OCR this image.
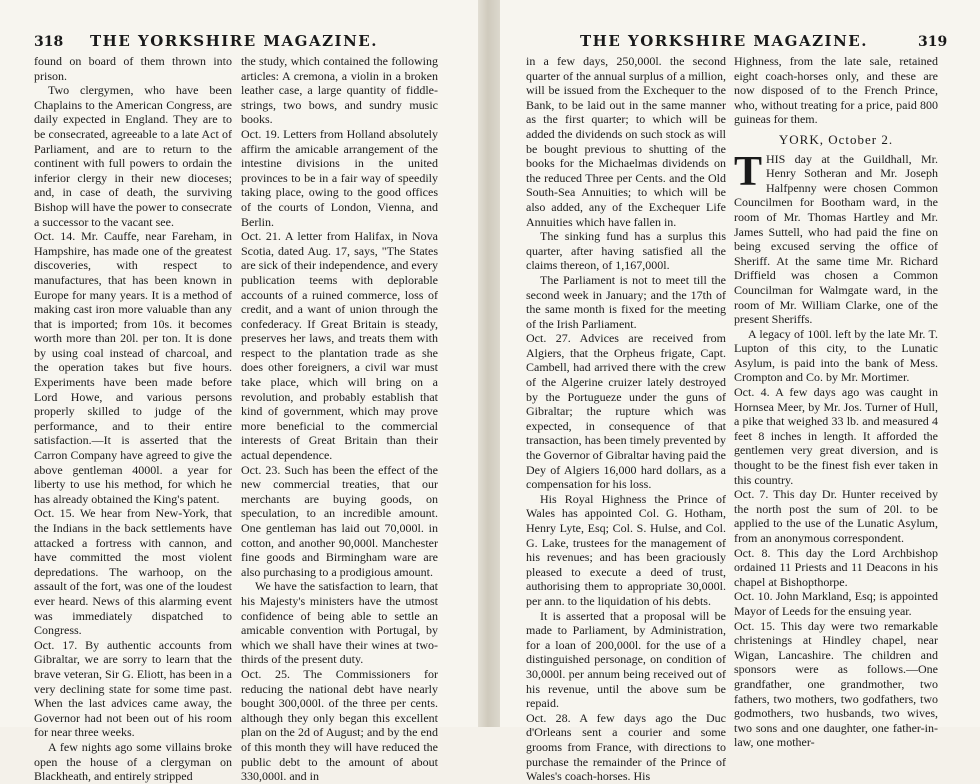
318 THE YORKSHIRE MAGAZINE.

found on board of them thrown into prison.

Two clergymen, who have been Chaplains to the American Congress, are daily expected in England. They are to be consecrated, agreeable to a late Act of Parliament, and are to return to the continent with full powers to ordain the inferior clergy in their new dioceses; and, in case of death, the surviving Bishop will have the power to consecrate a successor to the vacant see.

Oct. 14. Mr. Cauffe, near Fareham, in Hampshire, has made one of the greatest discoveries, with respect to manufactures, that has been known in Europe for many years. It is a method of making cast iron more valuable than any that is imported; from 10s. it becomes worth more than 20l. per ton. It is done by using coal instead of charcoal, and the operation takes but five hours. Experiments have been made before Lord Howe, and various persons properly skilled to judge of the performance, and to their entire satisfaction.—It is asserted that the Carron Company have agreed to give the above gentleman 4000l. a year for liberty to use his method, for which he has already obtained the King's patent.

Oct. 15. We hear from New-York, that the Indians in the back settlements have attacked a fortress with cannon, and have committed the most violent depredations. The warhoop, on the assault of the fort, was one of the loudest ever heard. News of this alarming event was immediately dispatched to Congress.

Oct. 17. By authentic accounts from Gibraltar, we are sorry to learn that the brave veteran, Sir G. Eliott, has been in a very declining state for some time past. When the last advices came away, the Governor had not been out of his room for near three weeks.

A few nights ago some villains broke open the house of a clergyman on Blackheath, and entirely stripped

the study, which contained the following articles: A cremona, a violin in a broken leather case, a large quantity of fiddle-strings, two bows, and sundry music books.

Oct. 19. Letters from Holland absolutely affirm the amicable arrangement of the intestine divisions in the united provinces to be in a fair way of speedily taking place, owing to the good offices of the courts of London, Vienna, and Berlin.

Oct. 21. A letter from Halifax, in Nova Scotia, dated Aug. 17, says, "The States are sick of their independence, and every publication teems with deplorable accounts of a ruined commerce, loss of credit, and a want of union through the confederacy. If Great Britain is steady, preserves her laws, and treats them with respect to the plantation trade as she does other foreigners, a civil war must take place, which will bring on a revolution, and probably establish that kind of government, which may prove more beneficial to the commercial interests of Great Britain than their actual dependence.

Oct. 23. Such has been the effect of the new commercial treaties, that our merchants are buying goods, on speculation, to an incredible amount. One gentleman has laid out 70,000l. in cotton, and another 90,000l. Manchester fine goods and Birmingham ware are also purchasing to a prodigious amount.

We have the satisfaction to learn, that his Majesty's ministers have the utmost confidence of being able to settle an amicable convention with Portugal, by which we shall have their wines at two-thirds of the present duty.

Oct. 25. The Commissioners for reducing the national debt have nearly bought 300,000l. of the three per cents. although they only began this excellent plan on the 2d of August; and by the end of this month they will have reduced the public debt to the amount of about 330,000l. and in

THE YORKSHIRE MAGAZINE.	319

in a few days, 250,000l. the second quarter of the annual surplus of a million, will be issued from the Exchequer to the Bank, to be laid out in the same manner as the first quarter; to which will be added the dividends on such stock as will be bought previous to shutting of the books for the Michaelmas dividends on the reduced Three per Cents. and the Old South-Sea Annuities; to which will be also added, any of the Exchequer Life Annuities which have fallen in.

The sinking fund has a surplus this quarter, after having satisfied all the claims thereon, of 1,167,000l.

The Parliament is not to meet till the second week in January; and the 17th of the same month is fixed for the meeting of the Irish Parliament.

Oct. 27. Advices are received from Algiers, that the Orpheus frigate, Capt. Cambell, had arrived there with the crew of the Algerine cruizer lately destroyed by the Portugueze under the guns of Gibraltar; the rupture which was expected, in consequence of that transaction, has been timely prevented by the Governor of Gibraltar having paid the Dey of Algiers 16,000 hard dollars, as a compensation for his loss.

His Royal Highness the Prince of Wales has appointed Col. G. Hotham, Henry Lyte, Esq; Col. S. Hulse, and Col. G. Lake, trustees for the management of his revenues; and has been graciously pleased to execute a deed of trust, authorising them to appropriate 30,000l. per ann. to the liquidation of his debts.

It is asserted that a proposal will be made to Parliament, by Administration, for a loan of 200,000l. for the use of a distinguished personage, on condition of 30,000l. per annum being received out of his revenue, until the above sum be repaid.

Oct. 28. A few days ago the Duc d'Orleans sent a courier and some grooms from France, with directions to purchase the remainder of the Prince of Wales's coach-horses. His

Highness, from the late sale, retained eight coach-horses only, and these are now disposed of to the French Prince, who, without treating for a price, paid 800 guineas for them.

YORK, October 2.
T HIS day at the Guildhall, Mr. Henry Sotheran and Mr. Joseph Halfpenny were chosen Common Councilmen for Bootham ward, in the room of Mr. Thomas Hartley and Mr. James Suttell, who had paid the fine on being excused serving the office of Sheriff. At the same time Mr. Richard Driffield was chosen a Common Councilman for Walmgate ward, in the room of Mr. William Clarke, one of the present Sheriffs.

A legacy of 100l. left by the late Mr. T. Lupton of this city, to the Lunatic Asylum, is paid into the bank of Mess. Crompton and Co. by Mr. Mortimer.

Oct. 4. A few days ago was caught in Hornsea Meer, by Mr. Jos. Turner of Hull, a pike that weighed 33 lb. and measured 4 feet 8 inches in length. It afforded the gentlemen very great diversion, and is thought to be the finest fish ever taken in this country.

Oct. 7. This day Dr. Hunter received by the north post the sum of 20l. to be applied to the use of the Lunatic Asylum, from an anonymous correspondent.

Oct. 8. This day the Lord Archbishop ordained 11 Priests and 11 Deacons in his chapel at Bishopthorpe.

Oct. 10. John Markland, Esq; is appointed Mayor of Leeds for the ensuing year.

Oct. 15. This day were two remarkable christenings at Hindley chapel, near Wigan, Lancashire. The children and sponsors were as follows.—One grandfather, one grandmother, two fathers, two mothers, two godfathers, two godmothers, two husbands, two wives, two sons and one daughter, one father-in-law, one mother-
